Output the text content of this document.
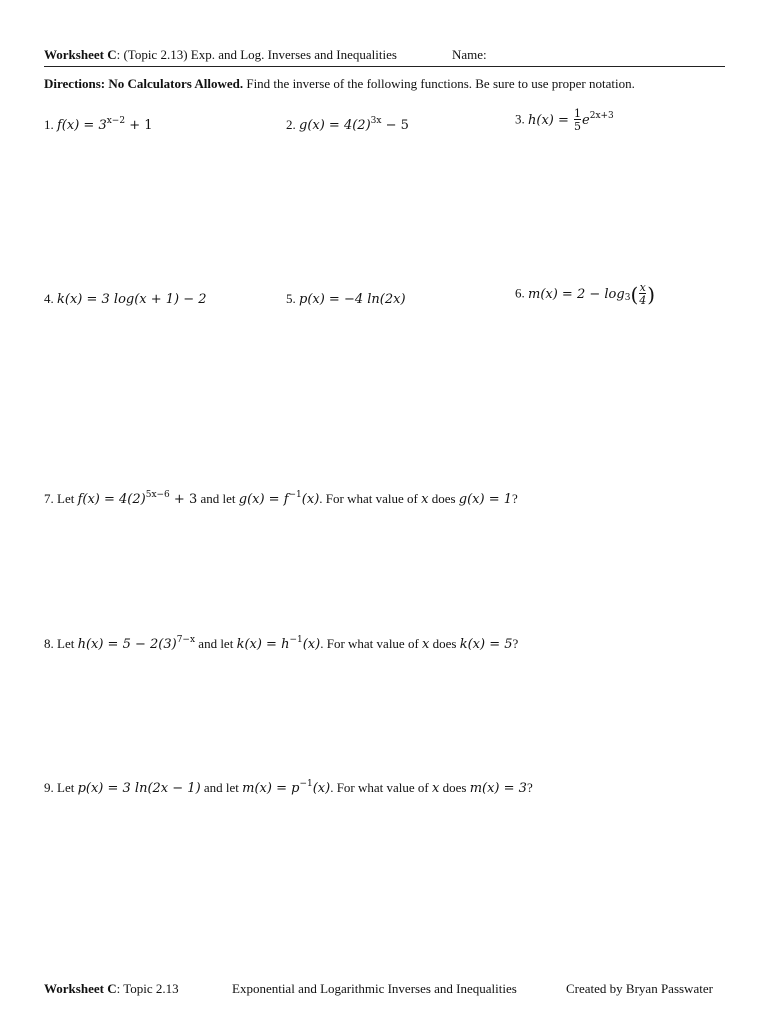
Worksheet C: (Topic 2.13) Exp. and Log. Inverses and Inequalities	Name:
Directions: No Calculators Allowed. Find the inverse of the following functions. Be sure to use proper notation.
1. $f(x) = 3^{x-2} + 1$	2. $g(x) = 4(2)^{3x} - 5$	3. $h(x) = \frac{1}{5} e^{2x+3}$
4. k(x) = 3 log(x + 1) − 2	5. p(x) = −4 ln(2x)	6. $m(x) = 2 - \log_3( \frac{x}{4}$ )
7. Let $f(x) = 4(2)^{5x-6} + 3$ and let $g(x) = f^{-1}(x)$. For what value of x does g(x) = 1?
8. Let $h(x) = 5 - 2(3)^{7-x}$ and let $k(x) = h^{-1}(x)$. For what value of x does k(x) = 5?
9. Let p(x) = 3 ln(2x − 1) and let $m(x) = p^{-1}(x)$. For what value of x does m(x) = 3?
Worksheet C: Topic 2.13	Exponential and Logarithmic Inverses and Inequalities	Created by Bryan Passwater
